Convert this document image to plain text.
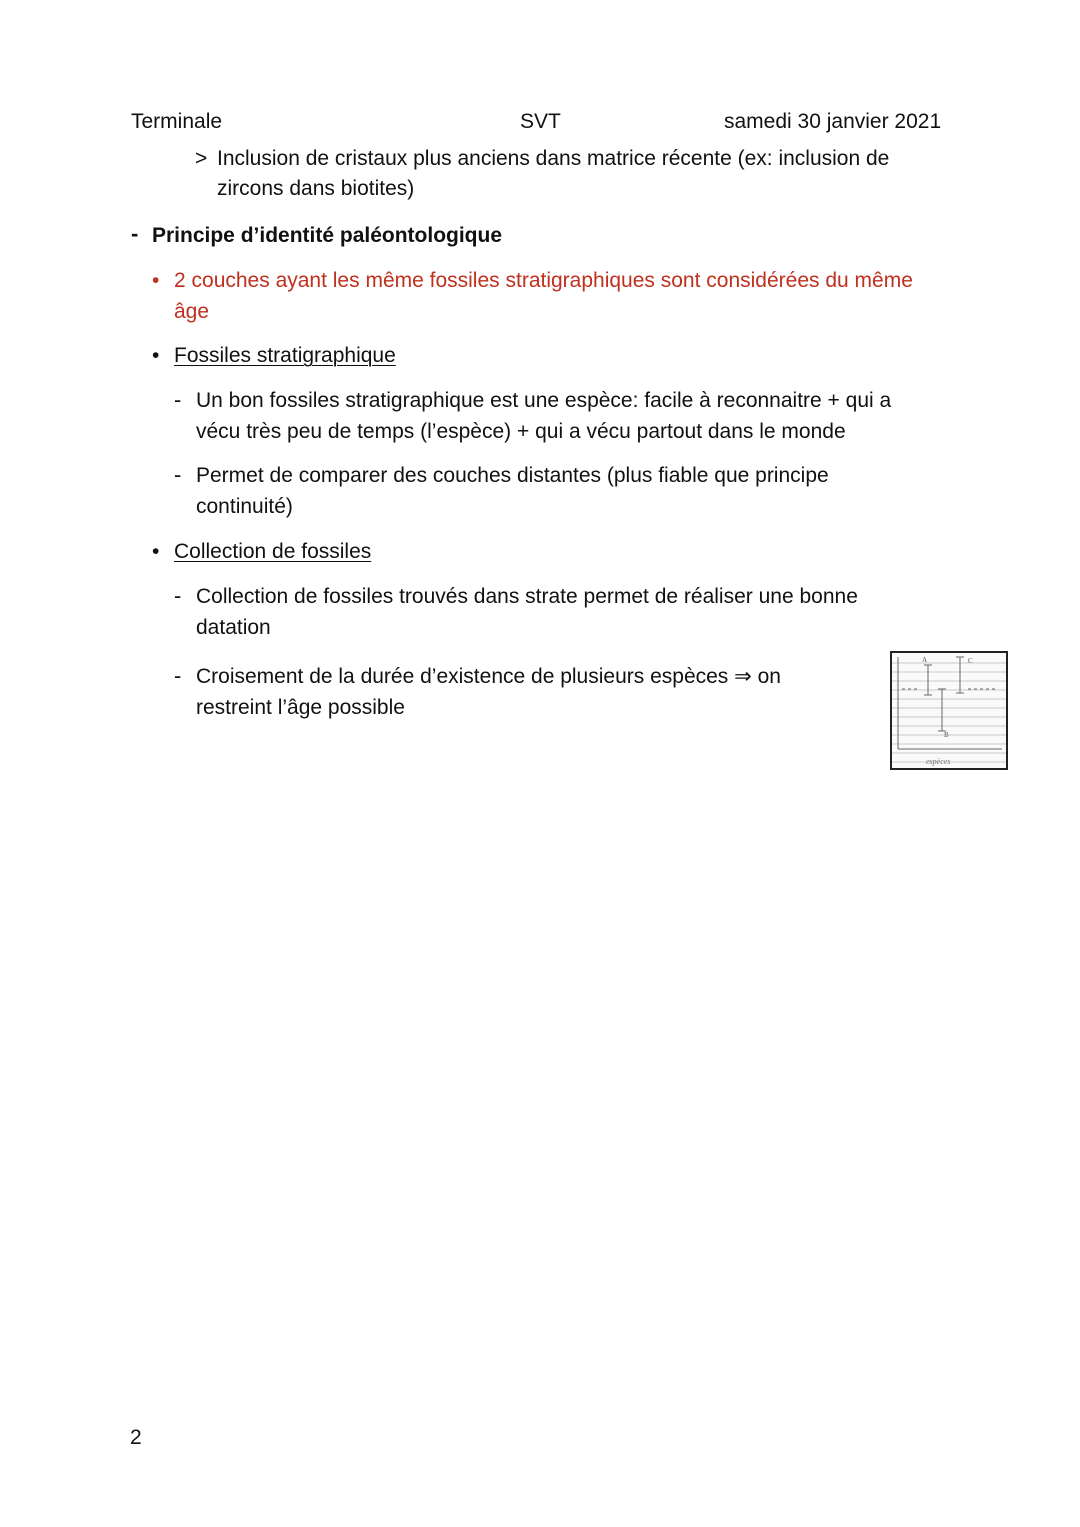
Terminale	SVT	samedi 30 janvier 2021
> Inclusion de cristaux plus anciens dans matrice récente (ex: inclusion de
zircons dans biotites)
- Principe d’identité paléontologique
• 2 couches ayant les même fossiles stratigraphiques sont considérées du même
âge
• Fossiles stratigraphique
- Un bon fossiles stratigraphique est une espèce: facile à reconnaitre + qui a
vécu très peu de temps (l’espèce) + qui a vécu partout dans le monde
- Permet de comparer des couches distantes (plus fiable que principe
continuité)
• Collection de fossiles
- Collection de fossiles trouvés dans strate permet de réaliser une bonne
datation
- Croisement de la durée d’existence de plusieurs espèces ⇒ on
restreint l’âge possible
A
B
C
espèces
2
